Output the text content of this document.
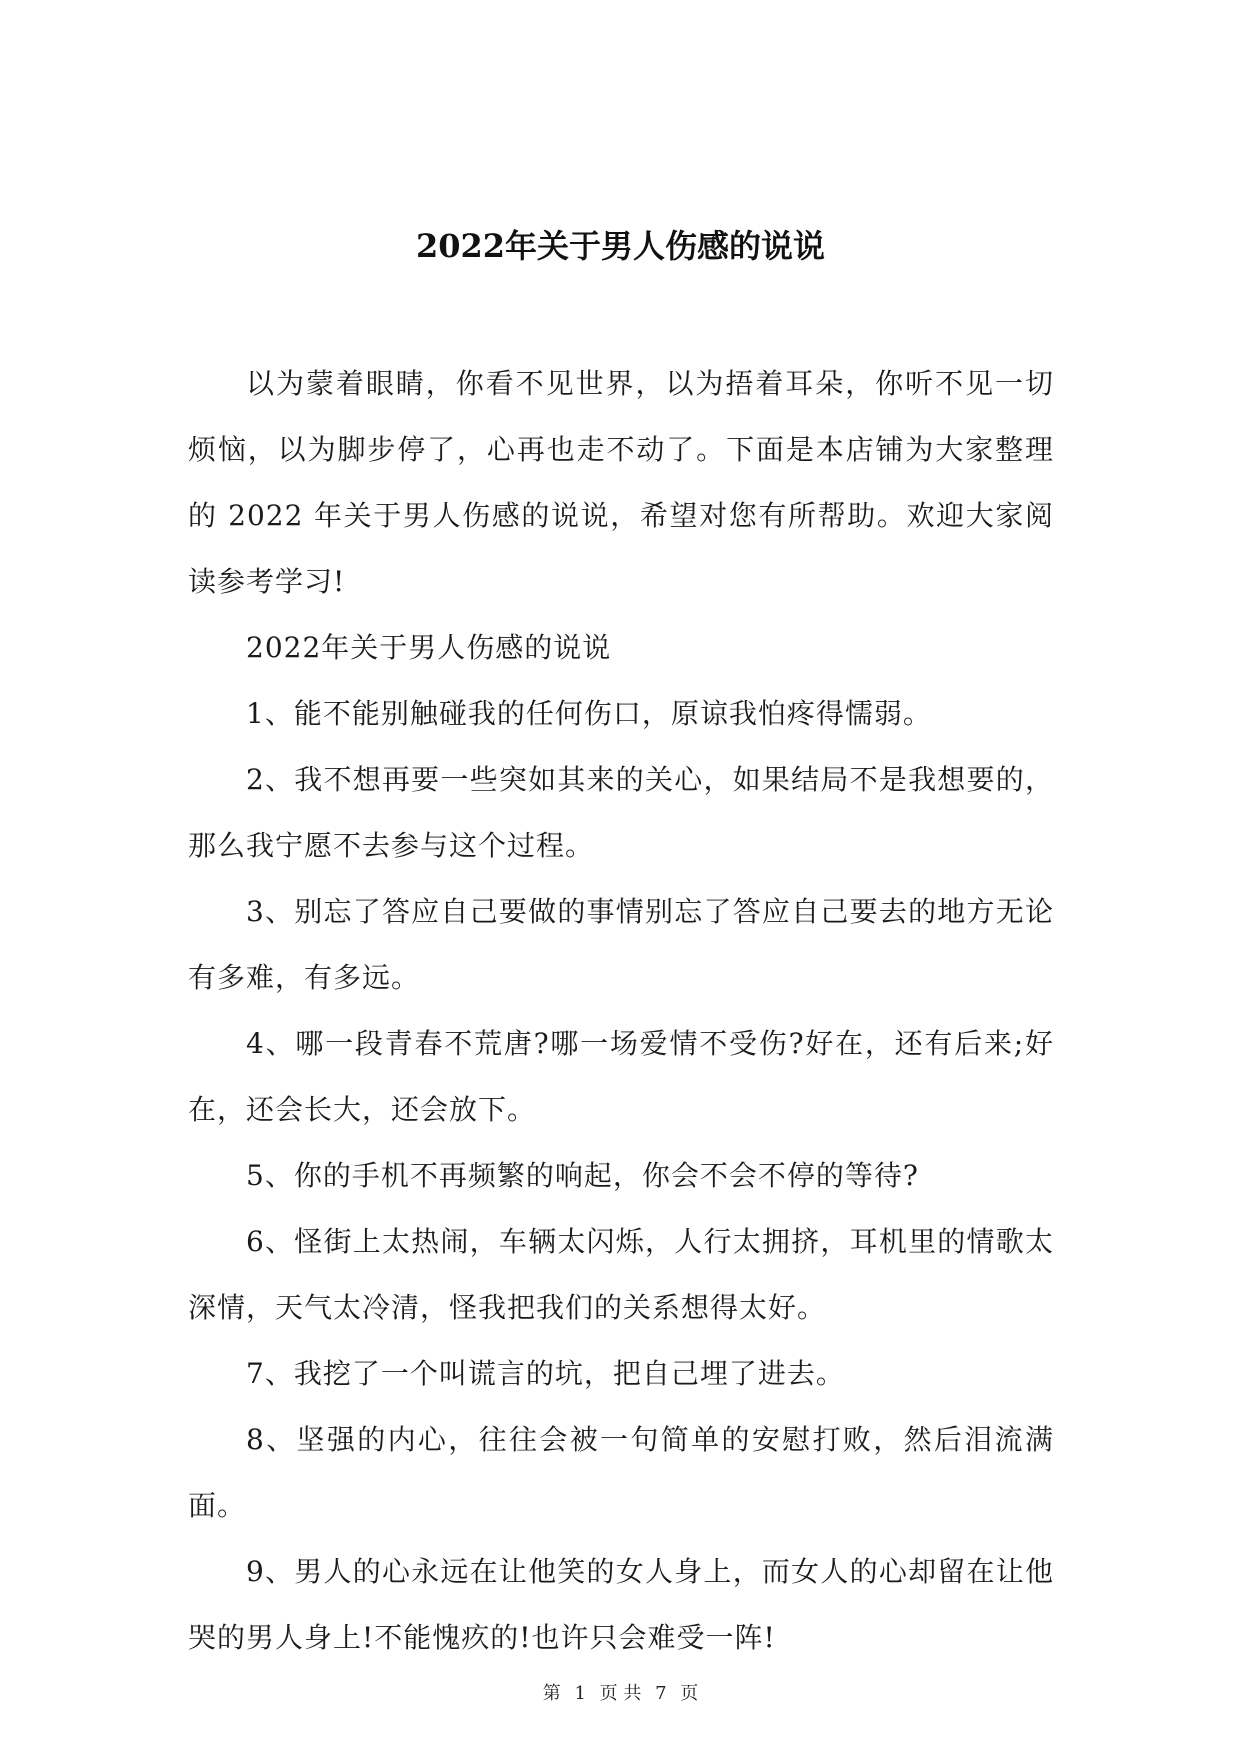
2022年关于男人伤感的说说

以为蒙着眼睛，你看不见世界，以为捂着耳朵，你听不见一切烦恼，以为脚步停了，心再也走不动了。下面是本店铺为大家整理的 2022 年关于男人伤感的说说，希望对您有所帮助。欢迎大家阅读参考学习!

2022年关于男人伤感的说说

1、能不能别触碰我的任何伤口，原谅我怕疼得懦弱。

2、我不想再要一些突如其来的关心，如果结局不是我想要的，那么我宁愿不去参与这个过程。

3、别忘了答应自己要做的事情别忘了答应自己要去的地方无论有多难，有多远。

4、哪一段青春不荒唐?哪一场爱情不受伤?好在，还有后来;好在，还会长大，还会放下。

5、你的手机不再频繁的响起，你会不会不停的等待?

6、怪街上太热闹，车辆太闪烁，人行太拥挤，耳机里的情歌太深情，天气太冷清，怪我把我们的关系想得太好。

7、我挖了一个叫谎言的坑，把自己埋了进去。

8、坚强的内心，往往会被一句简单的安慰打败，然后泪流满面。

9、男人的心永远在让他笑的女人身上，而女人的心却留在让他哭的男人身上!不能愧疚的!也许只会难受一阵!

第 1 页 共 7 页
